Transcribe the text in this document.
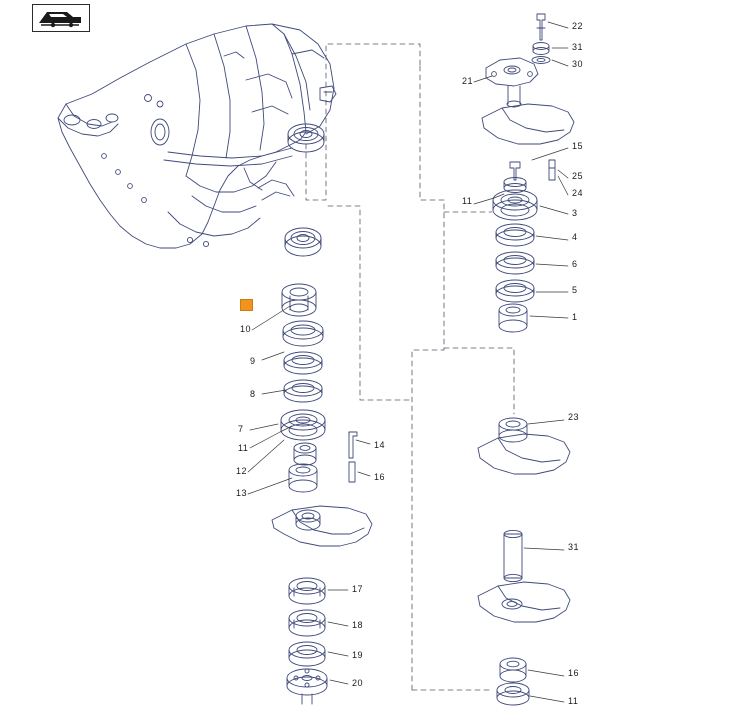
22
31
30
21
15
25
24
11
3
4
6
5
1
10
9
8
7
11
12
13
14
16
23
31
17
18
19
20
16
11
